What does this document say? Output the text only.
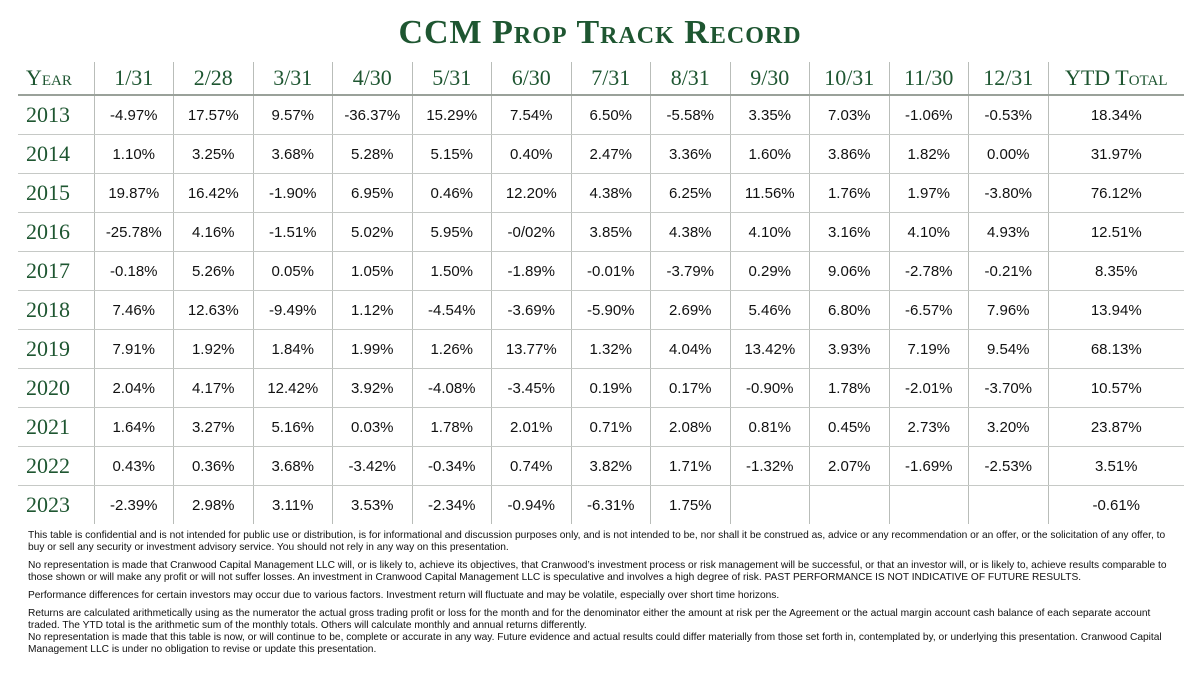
CCM Prop Track Record
Year	1/31	2/28	3/31	4/30	5/31	6/30	7/31	8/31	9/30	10/31	11/30	12/31	YTD Total
2013	-4.97%	17.57%	9.57%	-36.37%	15.29%	7.54%	6.50%	-5.58%	3.35%	7.03%	-1.06%	-0.53%	18.34%
2014	1.10%	3.25%	3.68%	5.28%	5.15%	0.40%	2.47%	3.36%	1.60%	3.86%	1.82%	0.00%	31.97%
2015	19.87%	16.42%	-1.90%	6.95%	0.46%	12.20%	4.38%	6.25%	11.56%	1.76%	1.97%	-3.80%	76.12%
2016	-25.78%	4.16%	-1.51%	5.02%	5.95%	-0/02%	3.85%	4.38%	4.10%	3.16%	4.10%	4.93%	12.51%
2017	-0.18%	5.26%	0.05%	1.05%	1.50%	-1.89%	-0.01%	-3.79%	0.29%	9.06%	-2.78%	-0.21%	8.35%
2018	7.46%	12.63%	-9.49%	1.12%	-4.54%	-3.69%	-5.90%	2.69%	5.46%	6.80%	-6.57%	7.96%	13.94%
2019	7.91%	1.92%	1.84%	1.99%	1.26%	13.77%	1.32%	4.04%	13.42%	3.93%	7.19%	9.54%	68.13%
2020	2.04%	4.17%	12.42%	3.92%	-4.08%	-3.45%	0.19%	0.17%	-0.90%	1.78%	-2.01%	-3.70%	10.57%
2021	1.64%	3.27%	5.16%	0.03%	1.78%	2.01%	0.71%	2.08%	0.81%	0.45%	2.73%	3.20%	23.87%
2022	0.43%	0.36%	3.68%	-3.42%	-0.34%	0.74%	3.82%	1.71%	-1.32%	2.07%	-1.69%	-2.53%	3.51%
2023	-2.39%	2.98%	3.11%	3.53%	-2.34%	-0.94%	-6.31%	1.75%					-0.61%

This table is confidential and is not intended for public use or distribution, is for informational and discussion purposes only, and is not intended to be, nor shall it be construed as, advice or any recommendation or an offer, or the solicitation of any offer, to buy or sell any security or investment advisory service. You should not rely in any way on this presentation.

No representation is made that Cranwood Capital Management LLC will, or is likely to, achieve its objectives, that Cranwood’s investment process or risk management will be successful, or that an investor will, or is likely to, achieve results comparable to those shown or will make any profit or will not suffer losses. An investment in Cranwood Capital Management LLC is speculative and involves a high degree of risk. PAST PERFORMANCE IS NOT INDICATIVE OF FUTURE RESULTS.

Performance differences for certain investors may occur due to various factors. Investment return will fluctuate and may be volatile, especially over short time horizons.

Returns are calculated arithmetically using as the numerator the actual gross trading profit or loss for the month and for the denominator either the amount at risk per the Agreement or the actual margin account cash balance of each separate account traded. The YTD total is the arithmetic sum of the monthly totals. Others will calculate monthly and annual returns differently.

No representation is made that this table is now, or will continue to be, complete or accurate in any way. Future evidence and actual results could differ materially from those set forth in, contemplated by, or underlying this presentation. Cranwood Capital Management LLC is under no obligation to revise or update this presentation.
